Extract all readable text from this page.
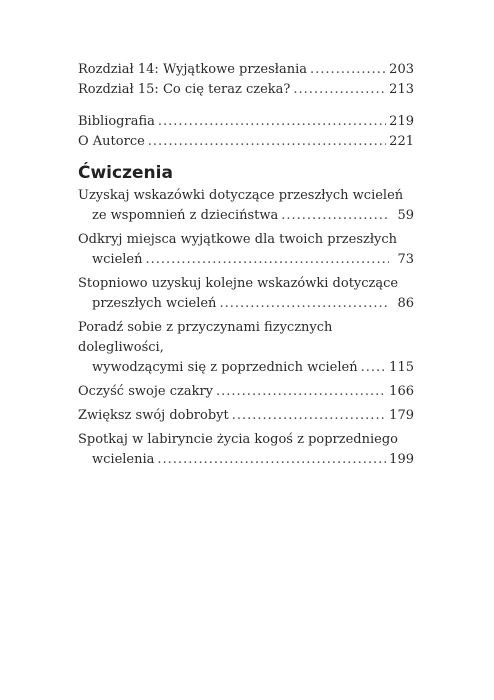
Rozdział 14: Wyjątkowe przesłania .....	203
Rozdział 15: Co cię teraz czeka? .....	213
Bibliografia .....	219
O Autorce .....	221
Ćwiczenia
Uzyskaj wskazówki dotyczące przeszłych wcieleń
ze wspomnień z dzieciństwa .....	59
Odkryj miejsca wyjątkowe dla twoich przeszłych
wcieleń .....	73
Stopniowo uzyskuj kolejne wskazówki dotyczące
przeszłych wcieleń .....	86
Poradź sobie z przyczynami fizycznych dolegliwości,
wywodzącymi się z poprzednich wcieleń ..... 115
Oczyść swoje czakry .....	166
Zwiększ swój dobrobyt .....	179
Spotkaj w labiryncie życia kogoś z poprzedniego
wcielenia .....	199
